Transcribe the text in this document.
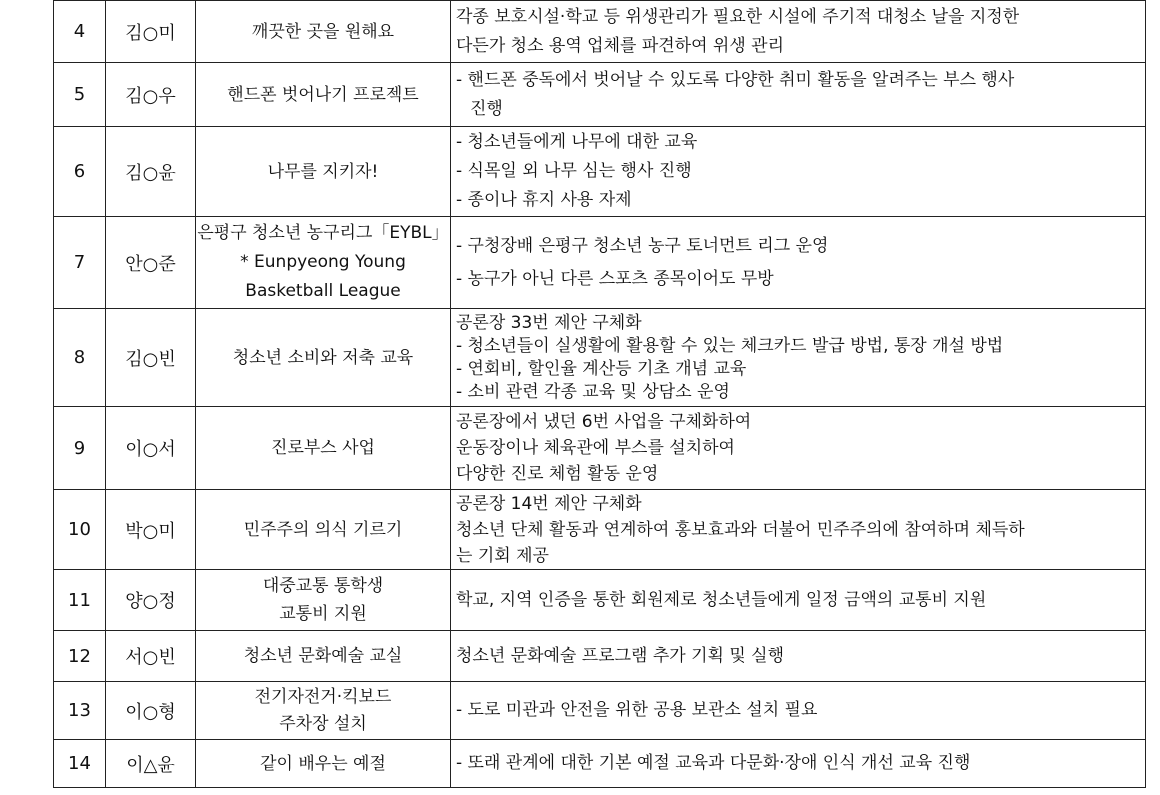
4	김○미	깨끗한 곳을 원해요	각종 보호시설·학교 등 위생관리가 필요한 시설에 주기적 대청소 날을 지정한
다든가 청소 용역 업체를 파견하여 위생 관리

5	김○우	핸드폰 벗어나기 프로젝트	- 핸드폰 중독에서 벗어날 수 있도록 다양한 취미 활동을 알려주는 부스 행사
진행

6	김○윤	나무를 지키자!	- 청소년들에게 나무에 대한 교육
- 식목일 외 나무 심는 행사 진행
- 종이나 휴지 사용 자제

7	안○준	은평구 청소년 농구리그「EYBL」
* Eunpyeong Young
Basketball League	- 구청장배 은평구 청소년 농구 토너먼트 리그 운영
- 농구가 아닌 다른 스포츠 종목이어도 무방

8	김○빈	청소년 소비와 저축 교육	공론장 33번 제안 구체화
- 청소년들이 실생활에 활용할 수 있는 체크카드 발급 방법, 통장 개설 방법
- 연회비, 할인율 계산등 기초 개념 교육
- 소비 관련 각종 교육 및 상담소 운영

9	이○서	진로부스 사업	공론장에서 냈던 6번 사업을 구체화하여
운동장이나 체육관에 부스를 설치하여
다양한 진로 체험 활동 운영

10	박○미	민주주의 의식 기르기	공론장 14번 제안 구체화
청소년 단체 활동과 연계하여 홍보효과와 더불어 민주주의에 참여하며 체득하
는 기회 제공

11	양○정	대중교통 통학생
교통비 지원	학교, 지역 인증을 통한 회원제로 청소년들에게 일정 금액의 교통비 지원

12	서○빈	청소년 문화예술 교실	청소년 문화예술 프로그램 추가 기획 및 실행

13	이○형	전기자전거·킥보드
주차장 설치	- 도로 미관과 안전을 위한 공용 보관소 설치 필요

14	이△윤	같이 배우는 예절	- 또래 관계에 대한 기본 예절 교육과 다문화·장애 인식 개선 교육 진행
